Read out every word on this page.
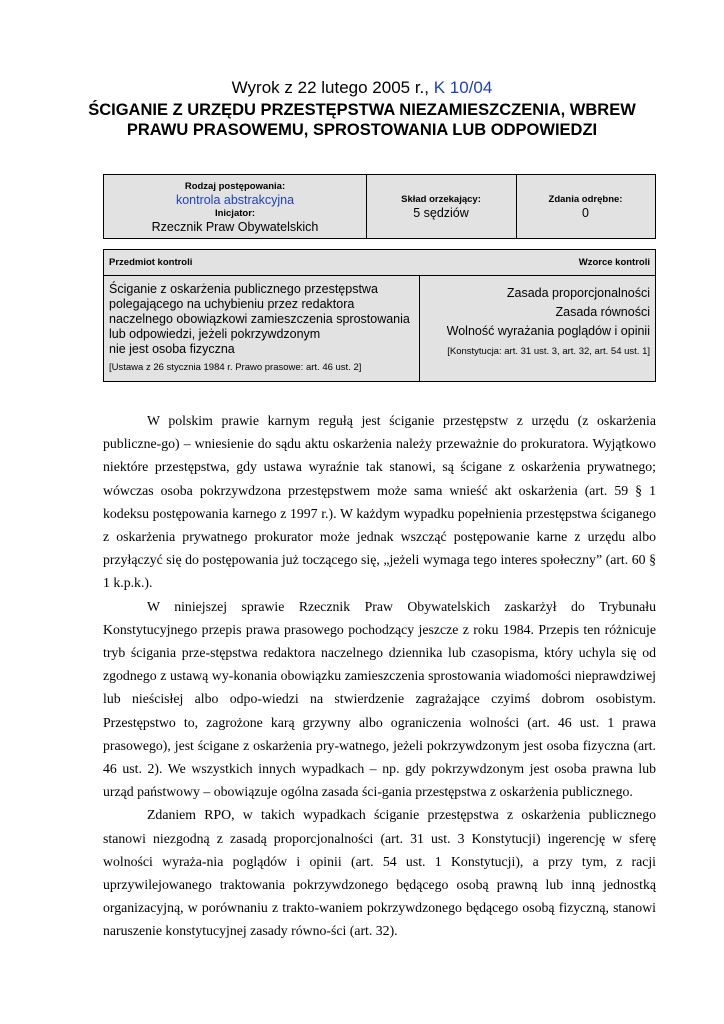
Wyrok z 22 lutego 2005 r., K 10/04
ŚCIGANIE Z URZĘDU PRZESTĘPSTWA NIEZAMIESZCZENIA, WBREW
PRAWU PRASOWEMU, SPROSTOWANIA LUB ODPOWIEDZI
Rodzaj postępowania:
kontrola abstrakcyjna
Inicjator:
Rzecznik Praw Obywatelskich
Skład orzekający:
5 sędziów
Zdania odrębne:
0
Przedmiot kontroli	Wzorce kontroli
Ściganie z oskarżenia publicznego przestępstwa
polegającego na uchybieniu przez redaktora
naczelnego obowiązkowi zamieszczenia sprostowania
lub odpowiedzi, jeżeli pokrzywdzonym
nie jest osoba fizyczna
[Ustawa z 26 stycznia 1984 r. Prawo prasowe: art. 46 ust. 2]
Zasada proporcjonalności
Zasada równości
Wolność wyrażania poglądów i opinii
[Konstytucja: art. 31 ust. 3, art. 32, art. 54 ust. 1]

W polskim prawie karnym regułą jest ściganie przestępstw z urzędu (z oskarżenia publiczne-go) – wniesienie do sądu aktu oskarżenia należy przeważnie do prokuratora. Wyjątkowo niektóre przestępstwa, gdy ustawa wyraźnie tak stanowi, są ścigane z oskarżenia prywatnego; wówczas osoba pokrzywdzona przestępstwem może sama wnieść akt oskarżenia (art. 59 § 1 kodeksu postępowania karnego z 1997 r.). W każdym wypadku popełnienia przestępstwa ściganego z oskarżenia prywatnego prokurator może jednak wszcząć postępowanie karne z urzędu albo przyłączyć się do postępowania już toczącego się, „jeżeli wymaga tego interes społeczny” (art. 60 § 1 k.p.k.).

W niniejszej sprawie Rzecznik Praw Obywatelskich zaskarżył do Trybunału Konstytucyjnego przepis prawa prasowego pochodzący jeszcze z roku 1984. Przepis ten różnicuje tryb ścigania prze-stępstwa redaktora naczelnego dziennika lub czasopisma, który uchyla się od zgodnego z ustawą wy-konania obowiązku zamieszczenia sprostowania wiadomości nieprawdziwej lub nieścisłej albo odpo-wiedzi na stwierdzenie zagrażające czyimś dobrom osobistym. Przestępstwo to, zagrożone karą grzywny albo ograniczenia wolności (art. 46 ust. 1 prawa prasowego), jest ścigane z oskarżenia pry-watnego, jeżeli pokrzywdzonym jest osoba fizyczna (art. 46 ust. 2). We wszystkich innych wypadkach – np. gdy pokrzywdzonym jest osoba prawna lub urząd państwowy – obowiązuje ogólna zasada ści-gania przestępstwa z oskarżenia publicznego.

Zdaniem RPO, w takich wypadkach ściganie przestępstwa z oskarżenia publicznego stanowi niezgodną z zasadą proporcjonalności (art. 31 ust. 3 Konstytucji) ingerencję w sferę wolności wyraża-nia poglądów i opinii (art. 54 ust. 1 Konstytucji), a przy tym, z racji uprzywilejowanego traktowania pokrzywdzonego będącego osobą prawną lub inną jednostką organizacyjną, w porównaniu z trakto-waniem pokrzywdzonego będącego osobą fizyczną, stanowi naruszenie konstytucyjnej zasady równo-ści (art. 32).
